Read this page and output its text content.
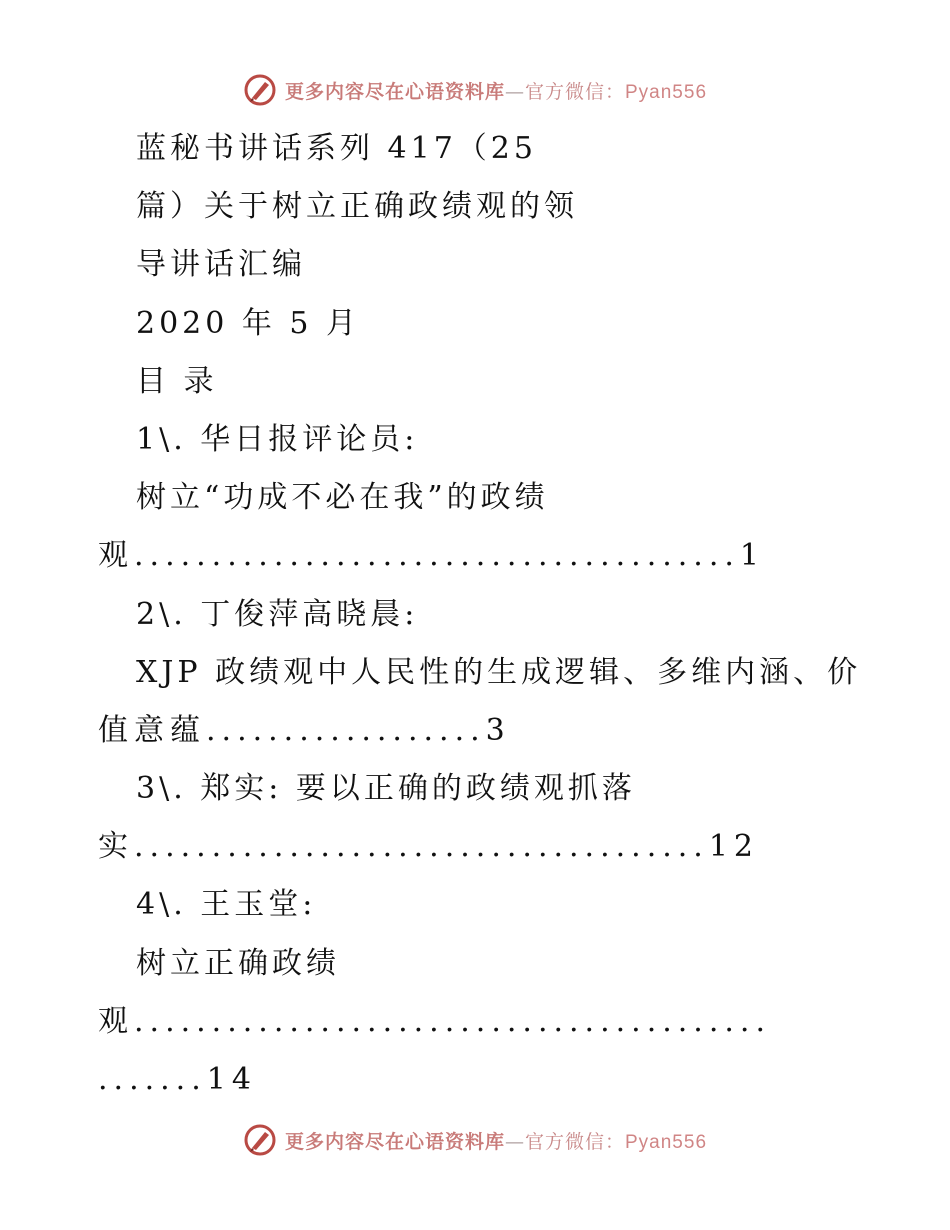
更多内容尽在心语资料库—官方微信：Pyan556
蓝秘书讲话系列 417（25
篇）关于树立正确政绩观的领
导讲话汇编
2020 年 5 月
目 录
1\. 华日报评论员:
树立“功成不必在我”的政绩
观.......................................1
2\. 丁俊萍高晓晨:
XJP 政绩观中人民性的生成逻辑、多维内涵、价
值意蕴..................3
3\. 郑实: 要以正确的政绩观抓落
实.....................................12
4\. 王玉堂:
树立正确政绩
观.........................................
.......14
更多内容尽在心语资料库—官方微信：Pyan556
